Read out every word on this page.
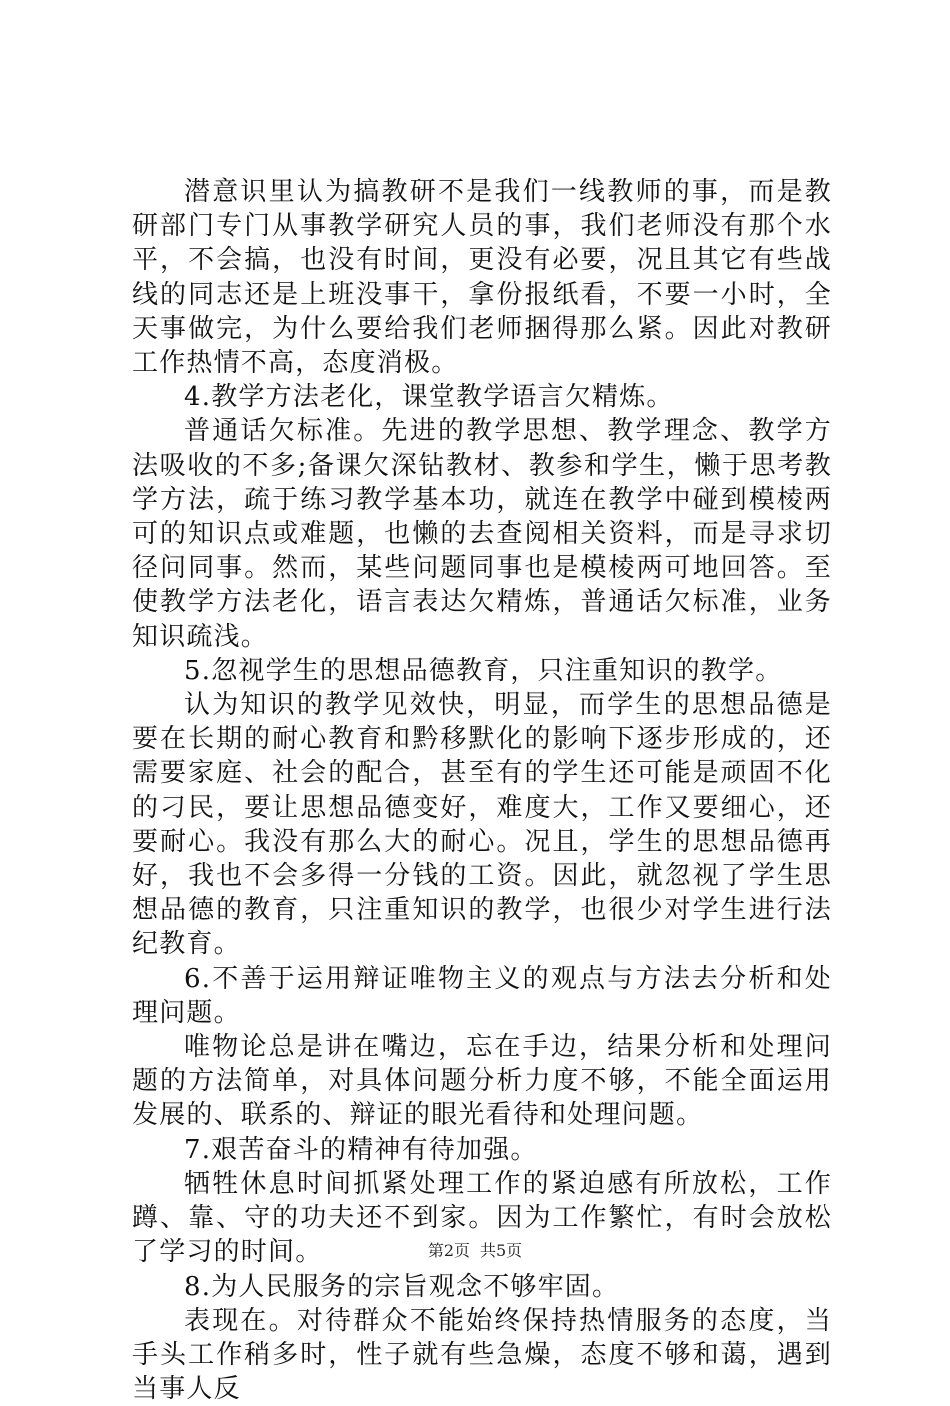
潜意识里认为搞教研不是我们一线教师的事，而是教研部门专门从事教学研究人员的事，我们老师没有那个水平，不会搞，也没有时间，更没有必要，况且其它有些战线的同志还是上班没事干，拿份报纸看，不要一小时，全天事做完，为什么要给我们老师捆得那么紧。因此对教研工作热情不高，态度消极。

4.教学方法老化，课堂教学语言欠精炼。

普通话欠标准。先进的教学思想、教学理念、教学方法吸收的不多;备课欠深钻教材、教参和学生，懒于思考教学方法，疏于练习教学基本功，就连在教学中碰到模棱两可的知识点或难题，也懒的去查阅相关资料，而是寻求切径问同事。然而，某些问题同事也是模棱两可地回答。至使教学方法老化，语言表达欠精炼，普通话欠标准，业务知识疏浅。

5.忽视学生的思想品德教育，只注重知识的教学。

认为知识的教学见效快，明显，而学生的思想品德是要在长期的耐心教育和黔移默化的影响下逐步形成的，还需要家庭、社会的配合，甚至有的学生还可能是顽固不化的刁民，要让思想品德变好，难度大，工作又要细心，还要耐心。我没有那么大的耐心。况且，学生的思想品德再好，我也不会多得一分钱的工资。因此，就忽视了学生思想品德的教育，只注重知识的教学，也很少对学生进行法纪教育。

6.不善于运用辩证唯物主义的观点与方法去分析和处理问题。

唯物论总是讲在嘴边，忘在手边，结果分析和处理问题的方法简单，对具体问题分析力度不够，不能全面运用发展的、联系的、辩证的眼光看待和处理问题。

7.艰苦奋斗的精神有待加强。

牺牲休息时间抓紧处理工作的紧迫感有所放松，工作蹲、靠、守的功夫还不到家。因为工作繁忙，有时会放松了学习的时间。

8.为人民服务的宗旨观念不够牢固。

表现在。对待群众不能始终保持热情服务的态度，当手头工作稍多时，性子就有些急燥，态度不够和蔼，遇到当事人反

第2页 共5页
